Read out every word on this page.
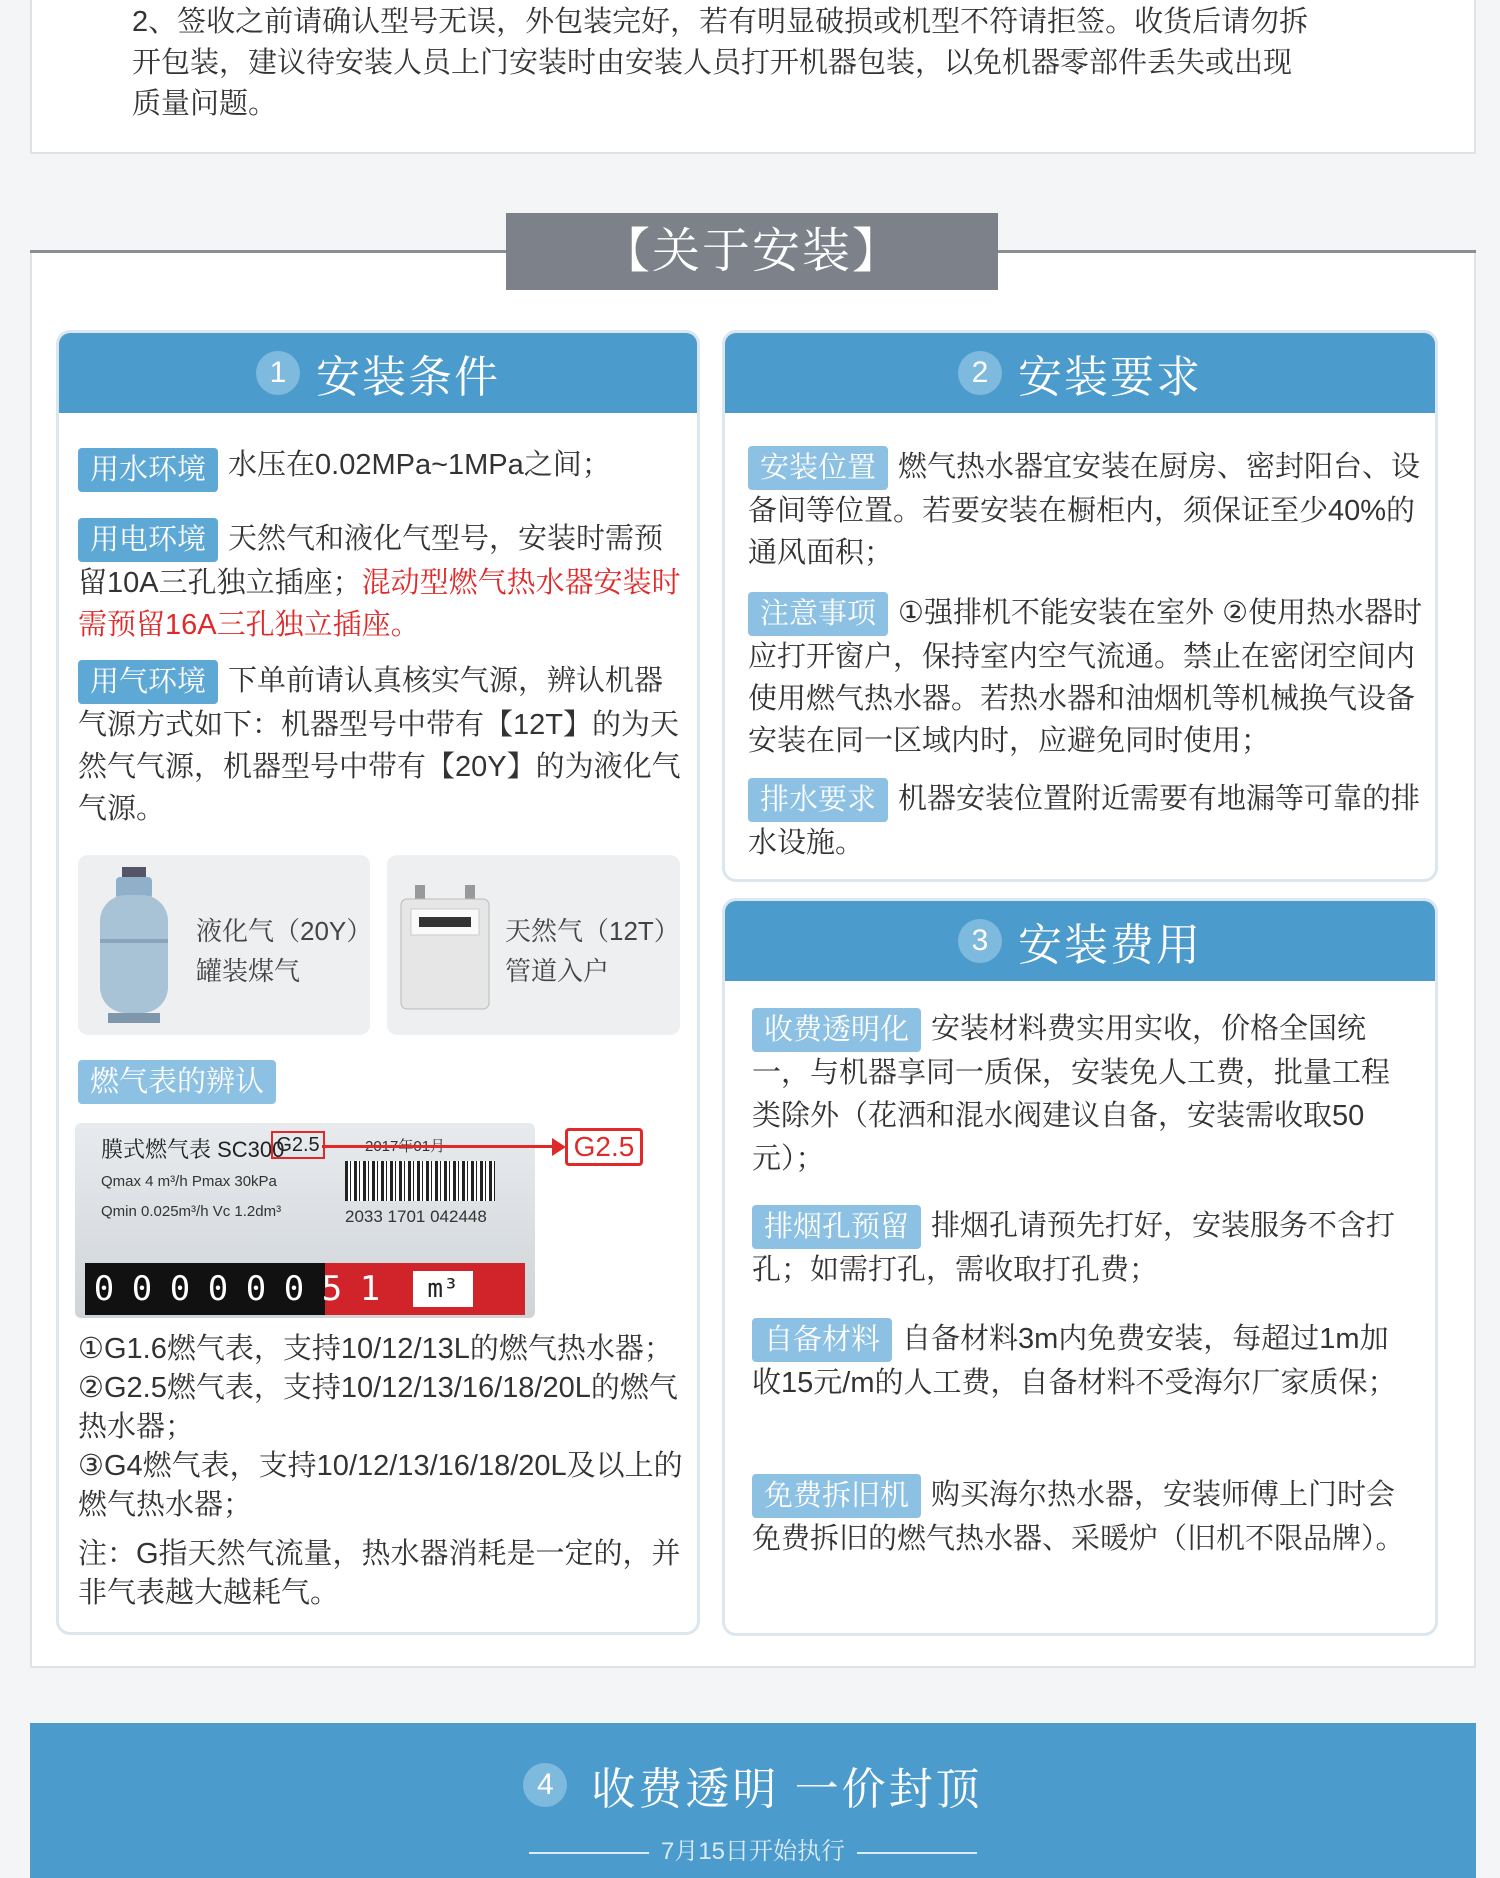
2、签收之前请确认型号无误，外包装完好，若有明显破损或机型不符请拒签。收货后请勿拆开包装，建议待安装人员上门安装时由安装人员打开机器包装，以免机器零部件丢失或出现质量问题。

【关于安装】
1 安装条件
用水环境 水压在0.02MPa~1MPa之间；
用电环境 天然气和液化气型号，安装时需预留10A三孔独立插座；混动型燃气热水器安装时需预留16A三孔独立插座。
用气环境 下单前请认真核实气源，辨认机器气源方式如下：机器型号中带有【12T】的为天然气气源，机器型号中带有【20Y】的为液化气气源。
液化气（20Y）
罐装煤气
天然气（12T）
管道入户
燃气表的辨认
膜式燃气表 SC300
G2.5
2033 1701 042448
Qmax 4 m³/h Pmax 30kPa
Qmin 0.025m³/h Vc 1.2dm³
0 0 0 0 0 0 5 1	m³
G2.5
①G1.6燃气表，支持10/12/13L的燃气热水器；
②G2.5燃气表，支持10/12/13/16/18/20L的燃气热水器；
③G4燃气表，支持10/12/13/16/18/20L及以上的燃气热水器；
注：G指天然气流量，热水器消耗是一定的，并非气表越大越耗气。
2 安装要求
安装位置 燃气热水器宜安装在厨房、密封阳台、设备间等位置。若要安装在橱柜内，须保证至少40%的通风面积；
注意事项 ①强排机不能安装在室外 ②使用热水器时应打开窗户，保持室内空气流通。禁止在密闭空间内使用燃气热水器。若热水器和油烟机等机械换气设备安装在同一区域内时，应避免同时使用；
排水要求 机器安装位置附近需要有地漏等可靠的排水设施。
3 安装费用
收费透明化 安装材料费实用实收，价格全国统一，与机器享同一质保，安装免人工费，批量工程类除外（花洒和混水阀建议自备，安装需收取50元）；
排烟孔预留 排烟孔请预先打好，安装服务不含打孔；如需打孔，需收取打孔费；
自备材料 自备材料3m内免费安装，每超过1m加收15元/m的人工费，自备材料不受海尔厂家质保；
免费拆旧机 购买海尔热水器，安装师傅上门时会免费拆旧的燃气热水器、采暖炉（旧机不限品牌）。
4 收费透明 一价封顶
7月15日开始执行
